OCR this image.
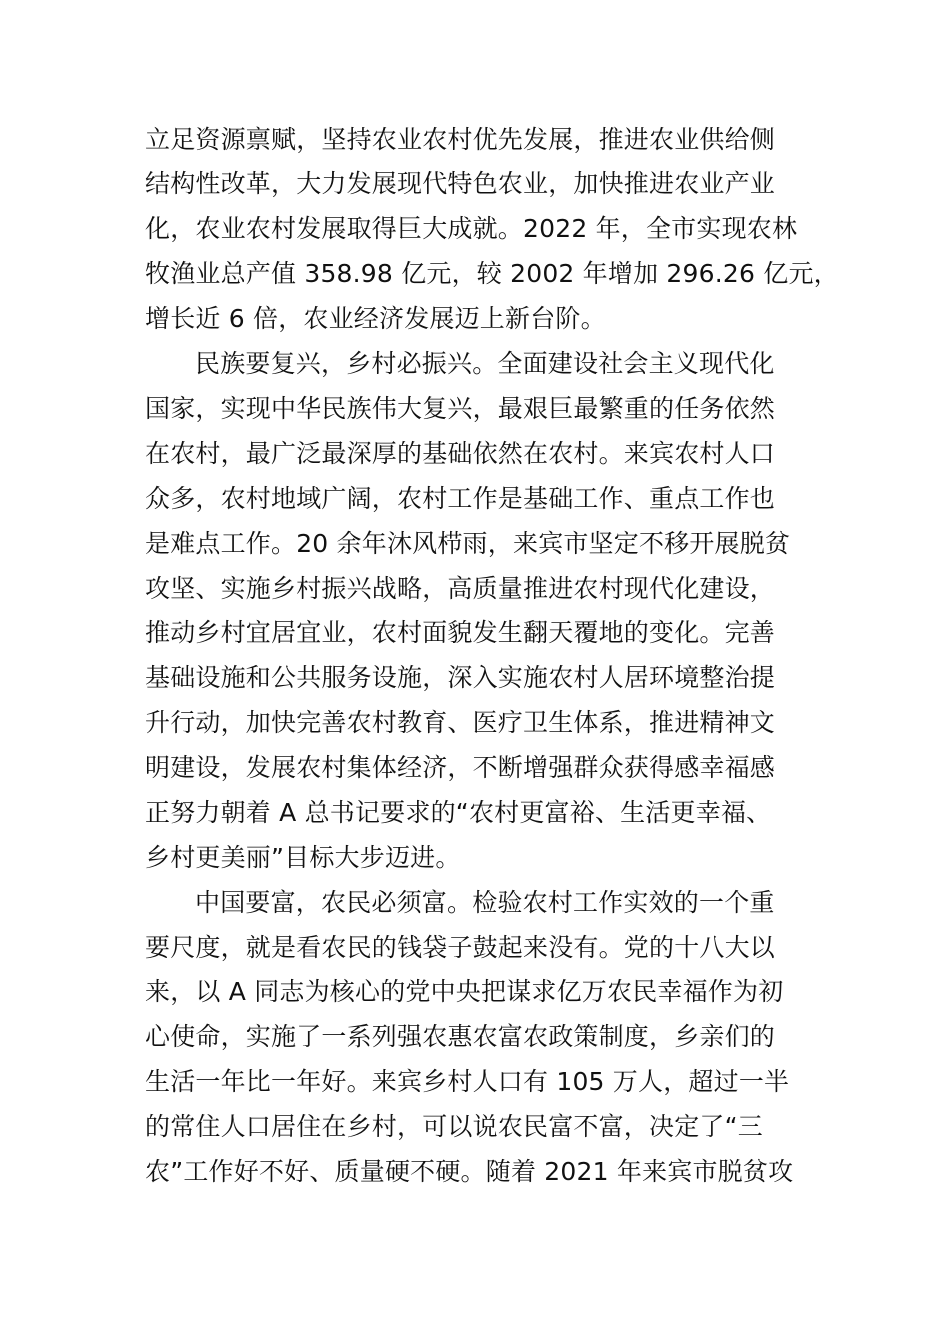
立足资源禀赋，坚持农业农村优先发展，推进农业供给侧
结构性改革，大力发展现代特色农业，加快推进农业产业
化，农业农村发展取得巨大成就。2022 年，全市实现农林
牧渔业总产值 358.98 亿元，较 2002 年增加 296.26 亿元，
增长近 6 倍，农业经济发展迈上新台阶。
民族要复兴，乡村必振兴。全面建设社会主义现代化
国家，实现中华民族伟大复兴，最艰巨最繁重的任务依然
在农村，最广泛最深厚的基础依然在农村。来宾农村人口
众多，农村地域广阔，农村工作是基础工作、重点工作也
是难点工作。20 余年沐风栉雨，来宾市坚定不移开展脱贫
攻坚、实施乡村振兴战略，高质量推进农村现代化建设，
推动乡村宜居宜业，农村面貌发生翻天覆地的变化。完善
基础设施和公共服务设施，深入实施农村人居环境整治提
升行动，加快完善农村教育、医疗卫生体系，推进精神文
明建设，发展农村集体经济，不断增强群众获得感幸福感
正努力朝着 A 总书记要求的“农村更富裕、生活更幸福、
乡村更美丽”目标大步迈进。
中国要富，农民必须富。检验农村工作实效的一个重
要尺度，就是看农民的钱袋子鼓起来没有。党的十八大以
来，以 A 同志为核心的党中央把谋求亿万农民幸福作为初
心使命，实施了一系列强农惠农富农政策制度，乡亲们的
生活一年比一年好。来宾乡村人口有 105 万人，超过一半
的常住人口居住在乡村，可以说农民富不富，决定了“三
农”工作好不好、质量硬不硬。随着 2021 年来宾市脱贫攻
